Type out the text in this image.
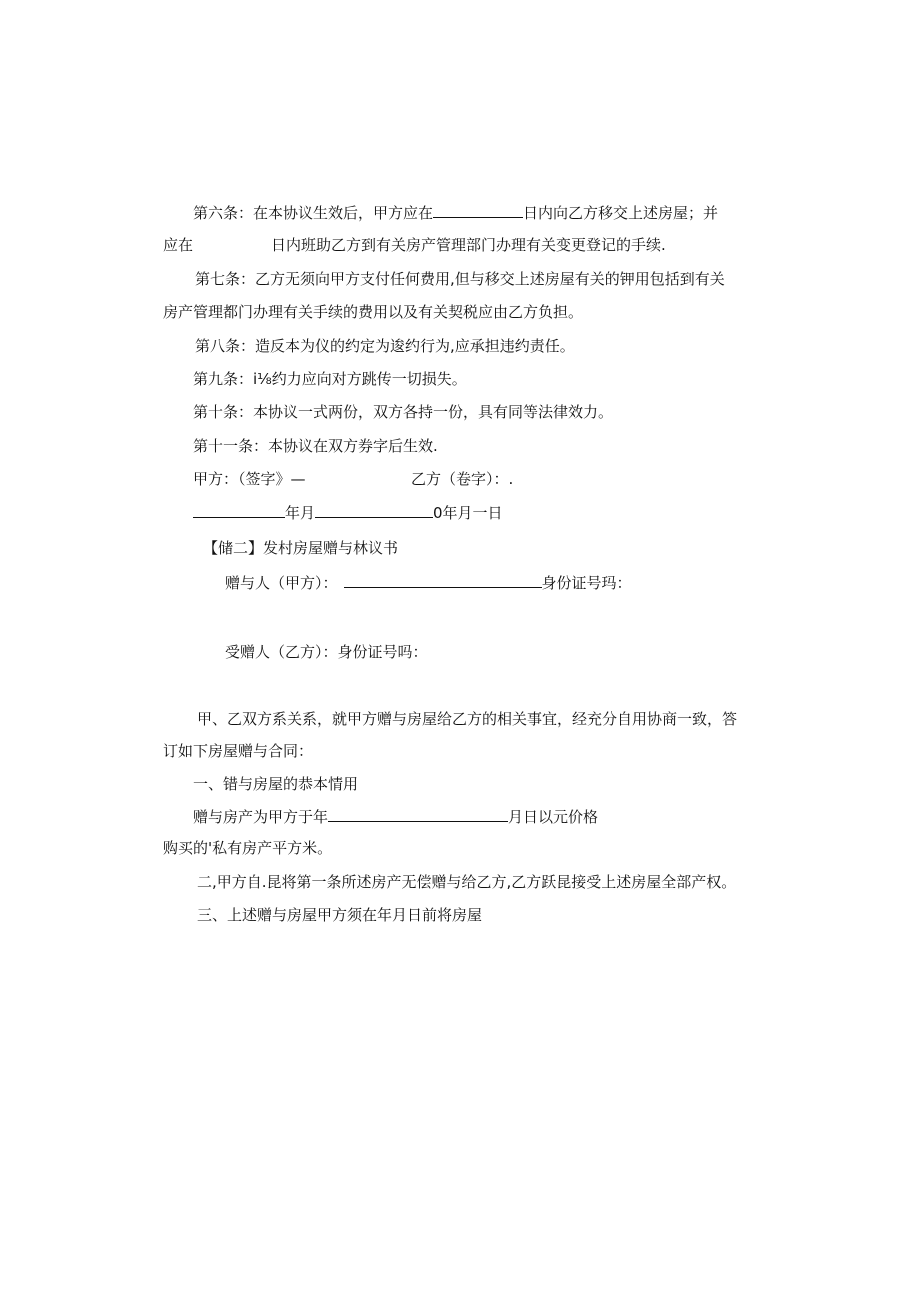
第六条：在本协议生效后，甲方应在	日内向乙方移交上述房屋；并
应在	日内班助乙方到有关房产管理部门办理有关变更登记的手续.
第七条：乙方无须向甲方支付任何费用,但与移交上述房屋有关的钾用包括到有关
房产管理都门办理有关手续的费用以及有关契税应由乙方负担。
第八条：造反本为仪的约定为逡约行为,应承担违约责任。
第九条：i⅛约力应向对方跳传一切损失。
第十条：本协议一式两份，双方各持一份，具有同等法律效力。
第十一条：本协议在双方券字后生效.
甲方：（签字》—	乙方（卷字）：.
年月	0年月一日
【储二】发村房屋赠与林议书
赠与人（甲方）：	身份证号玛：
受赠人（乙方）：身份证号吗：
甲、乙双方系关系，就甲方赠与房屋给乙方的相关事宜，经充分自用协商一致，答
订如下房屋赠与合同：
一、错与房屋的恭本情用
赠与房产为甲方于年	月日以元价格
购买的'私有房产平方米。
二,甲方自.昆将第一条所述房产无偿赠与给乙方,乙方跃昆接受上述房屋全部产权。
三、上述赠与房屋甲方须在年月日前将房屋
